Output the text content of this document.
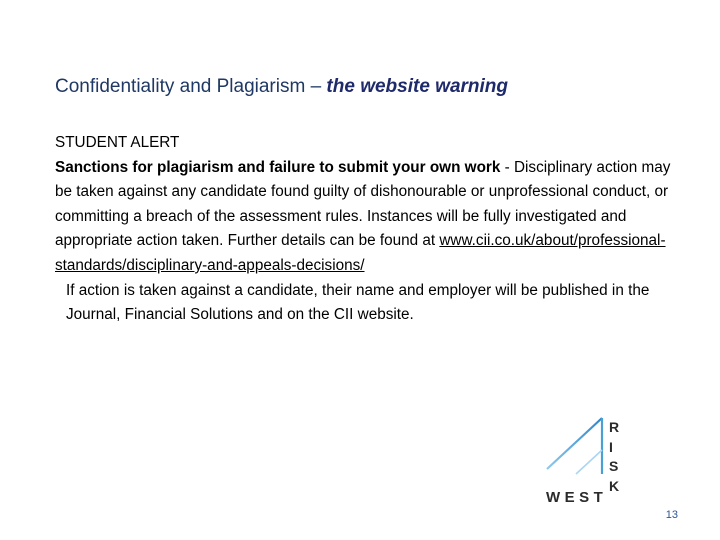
Confidentiality and Plagiarism – the website warning

STUDENT ALERT

Sanctions for plagiarism and failure to submit your own work - Disciplinary action may be taken against any candidate found guilty of dishonourable or unprofessional conduct, or committing a breach of the assessment rules. Instances will be fully investigated and appropriate action taken. Further details can be found at www.cii.co.uk/about/professional-standards/disciplinary-and-appeals-decisions/

If action is taken against a candidate, their name and employer will be published in the Journal, Financial Solutions and on the CII website.

R
I
S
K
WEST
13
